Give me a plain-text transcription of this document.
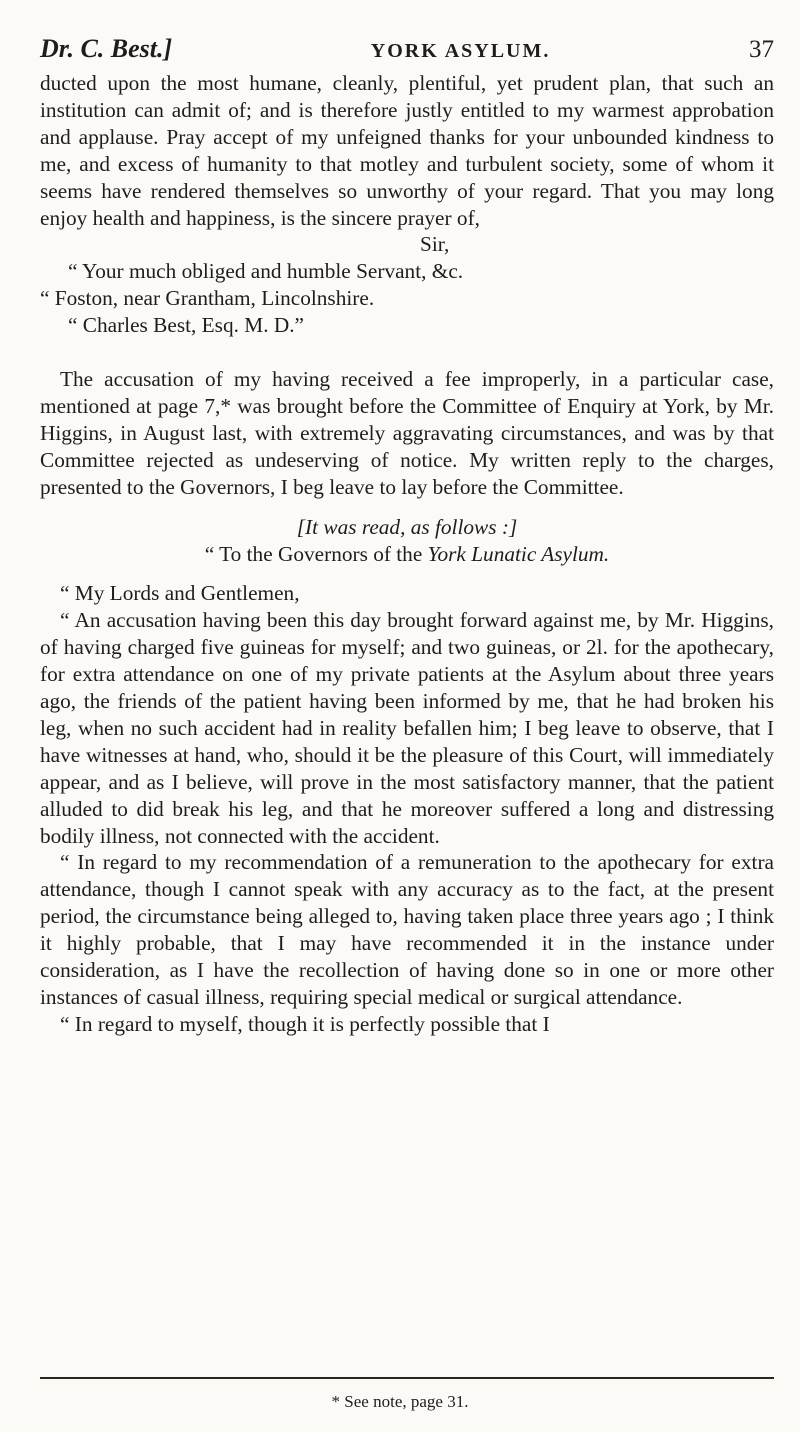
Dr. C. Best.]	YORK ASYLUM.	37

ducted upon the most humane, cleanly, plentiful, yet prudent plan, that such an institution can admit of; and is therefore justly entitled to my warmest approbation and applause. Pray accept of my unfeigned thanks for your unbounded kindness to me, and excess of humanity to that motley and turbulent society, some of whom it seems have rendered themselves so unworthy of your regard. That you may long enjoy health and happiness, is the sincere prayer of,

Sir,

“ Your much obliged and humble Servant, &c.

“ Foston, near Grantham, Lincolnshire.

“ Charles Best, Esq. M. D.”

The accusation of my having received a fee improperly, in a particular case, mentioned at page 7,* was brought before the Committee of Enquiry at York, by Mr. Higgins, in August last, with extremely aggravating circumstances, and was by that Committee rejected as undeserving of notice. My written reply to the charges, presented to the Governors, I beg leave to lay before the Committee.

[It was read, as follows :]

“ To the Governors of the York Lunatic Asylum.

“ My Lords and Gentlemen,

“ An accusation having been this day brought forward against me, by Mr. Higgins, of having charged five guineas for myself; and two guineas, or 2l. for the apothecary, for extra attendance on one of my private patients at the Asylum about three years ago, the friends of the patient having been informed by me, that he had broken his leg, when no such accident had in reality befallen him; I beg leave to observe, that I have witnesses at hand, who, should it be the pleasure of this Court, will immediately appear, and as I believe, will prove in the most satisfactory manner, that the patient alluded to did break his leg, and that he moreover suffered a long and distressing bodily illness, not connected with the accident.

“ In regard to my recommendation of a remuneration to the apothecary for extra attendance, though I cannot speak with any accuracy as to the fact, at the present period, the circumstance being alleged to, having taken place three years ago ; I think it highly probable, that I may have recommended it in the instance under consideration, as I have the recollection of having done so in one or more other instances of casual illness, requiring special medical or surgical attendance.

“ In regard to myself, though it is perfectly possible that I

* See note, page 31.
